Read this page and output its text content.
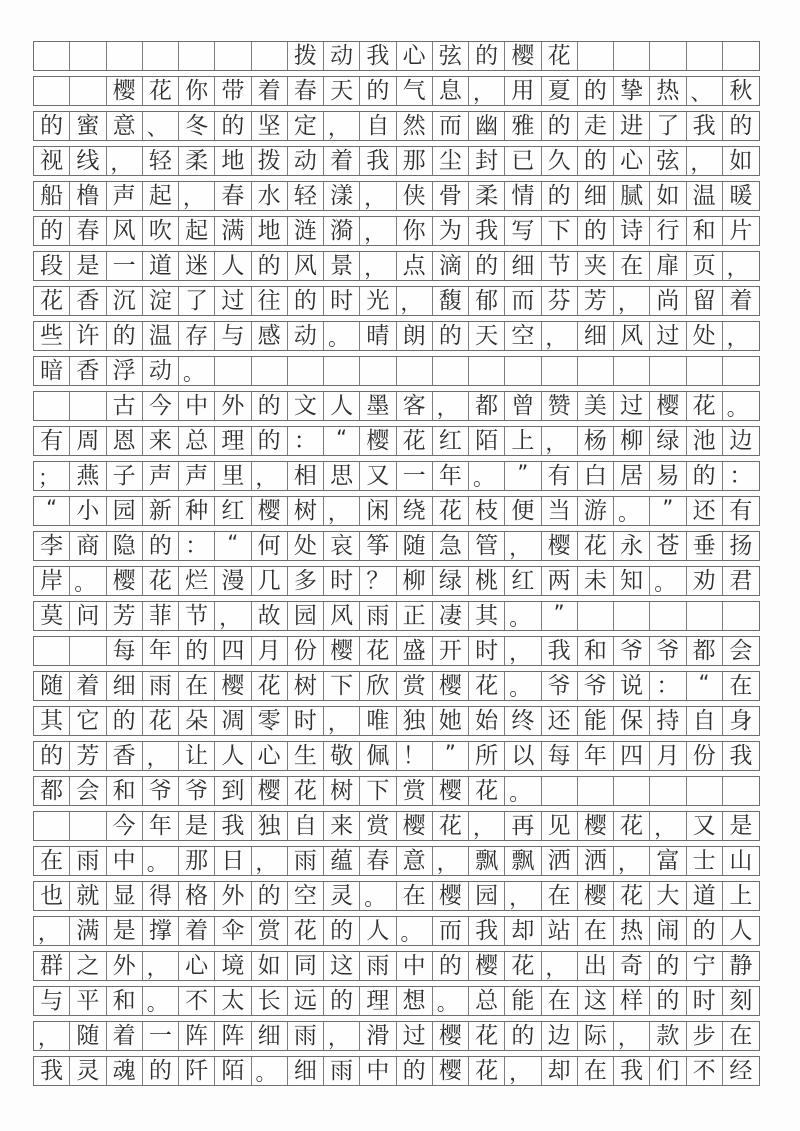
拨 动 我 心 弦 的 樱 花
樱 花 你 带 着 春 天 的 气 息 ， 用 夏 的 挚 热 、 秋
的 蜜 意 、 冬 的 坚 定 ， 自 然 而 幽 雅 的 走 进 了 我 的
视 线 ， 轻 柔 地 拨 动 着 我 那 尘 封 已 久 的 心 弦 ， 如
船 橹 声 起 ， 春 水 轻 漾 ， 侠 骨 柔 情 的 细 腻 如 温 暖
的 春 风 吹 起 满 地 涟 漪 ， 你 为 我 写 下 的 诗 行 和 片
段 是 一 道 迷 人 的 风 景 ， 点 滴 的 细 节 夹 在 扉 页 ，
花 香 沉 淀 了 过 往 的 时 光 ， 馥 郁 而 芬 芳 ， 尚 留 着
些 许 的 温 存 与 感 动 。 晴 朗 的 天 空 ， 细 风 过 处 ，
暗 香 浮 动 。
古 今 中 外 的 文 人 墨 客 ， 都 曾 赞 美 过 樱 花 。
有 周 恩 来 总 理 的 ： “ 樱 花 红 陌 上 ， 杨 柳 绿 池 边
； 燕 子 声 声 里 ， 相 思 又 一 年 。	” 有 白 居 易 的 ：
“ 小 园 新 种 红 樱 树 ， 闲 绕 花 枝 便 当 游 。	” 还 有
李 商 隐 的 ： “ 何 处 哀 筝 随 急 管 ， 樱 花 永 苍 垂 扬
岸 。 樱 花 烂 漫 几 多 时 ？ 柳 绿 桃 红 两 未 知 。 劝 君
莫 问 芳 菲 节 ， 故 园 风 雨 正 凄 其 。	”
每 年 的 四 月 份 樱 花 盛 开 时 ， 我 和 爷 爷 都 会
随 着 细 雨 在 樱 花 树 下 欣 赏 樱 花 。 爷 爷 说 ： “ 在
其 它 的 花 朵 凋 零 时 ， 唯 独 她 始 终 还 能 保 持 自 身
的 芳 香 ， 让 人 心 生 敬 佩 ！ ” 所 以 每 年 四 月 份 我
都 会 和 爷 爷 到 樱 花 树 下 赏 樱 花 。
今 年 是 我 独 自 来 赏 樱 花 ， 再 见 樱 花 ， 又 是
在 雨 中 。 那 日 ， 雨 蕴 春 意 ， 飘 飘 洒 洒 ， 富 士 山
也 就 显 得 格 外 的 空 灵 。 在 樱 园 ， 在 樱 花 大 道 上
， 满 是 撑 着 伞 赏 花 的 人 。 而 我 却 站 在 热 闹 的 人
群 之 外 ， 心 境 如 同 这 雨 中 的 樱 花 ， 出 奇 的 宁 静
与 平 和 。 不 太 长 远 的 理 想 。 总 能 在 这 样 的 时 刻
， 随 着 一 阵 阵 细 雨 ， 滑 过 樱 花 的 边 际 ， 款 步 在
我 灵 魂 的 阡 陌 。 细 雨 中 的 樱 花 ， 却 在 我 们 不 经
